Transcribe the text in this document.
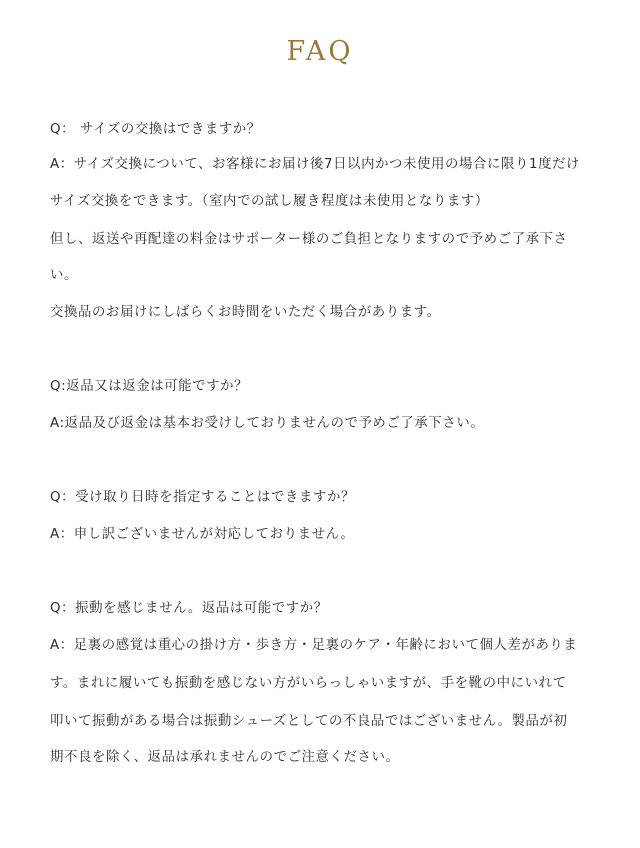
FAQ
Q： サイズの交換はできますか？
A：サイズ交換について、お客様にお届け後7日以内かつ未使用の場合に限り1度だけ
サイズ交換をできます。（室内での試し履き程度は未使用となります）
但し、返送や再配達の料金はサポーター様のご負担となりますので予めご了承下さ
い。
交換品のお届けにしばらくお時間をいただく場合があります。
Q:返品又は返金は可能ですか？
A:返品及び返金は基本お受けしておりませんので予めご了承下さい。
Q：受け取り日時を指定することはできますか？
A：申し訳ございませんが対応しておりません。
Q：振動を感じません。返品は可能ですか？
A：足裏の感覚は重心の掛け方・歩き方・足裏のケア・年齢において個人差がありま
す。まれに履いても振動を感じない方がいらっしゃいますが、手を靴の中にいれて
叩いて振動がある場合は振動シューズとしての不良品ではございません。製品が初
期不良を除く、返品は承れませんのでご注意ください。
